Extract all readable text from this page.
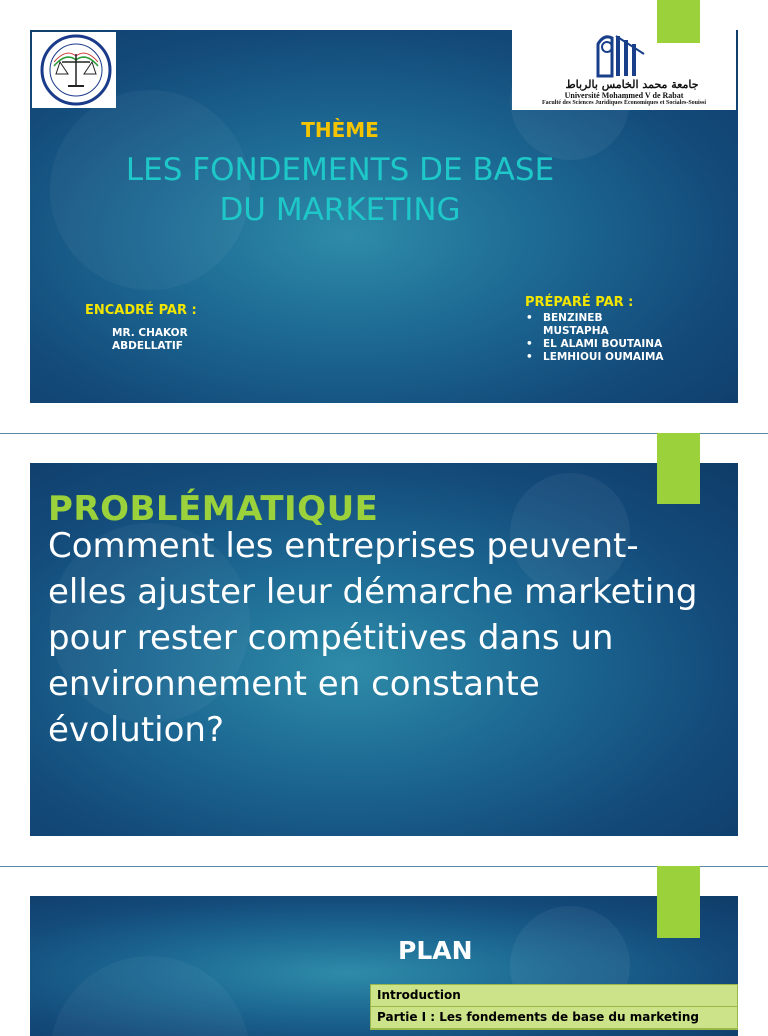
جامعة محمد الخامس بالرباط
Université Mohammed V de Rabat
Faculté des Sciences Juridiques Économiques et Sociales-Souissi
THÈME
LES FONDEMENTS DE BASE
DU MARKETING
ENCADRÉ PAR :
MR. CHAKOR
ABDELLATIF
PRÉPARÉ PAR :
• BENZINEB MUSTAPHA
• EL ALAMI BOUTAINA
• LEMHIOUI OUMAIMA
PROBLÉMATIQUE
Comment les entreprises peuvent-elles ajuster leur démarche marketing pour rester compétitives dans un environnement en constante évolution?
PLAN
Introduction
Partie I : Les fondements de base du marketing
